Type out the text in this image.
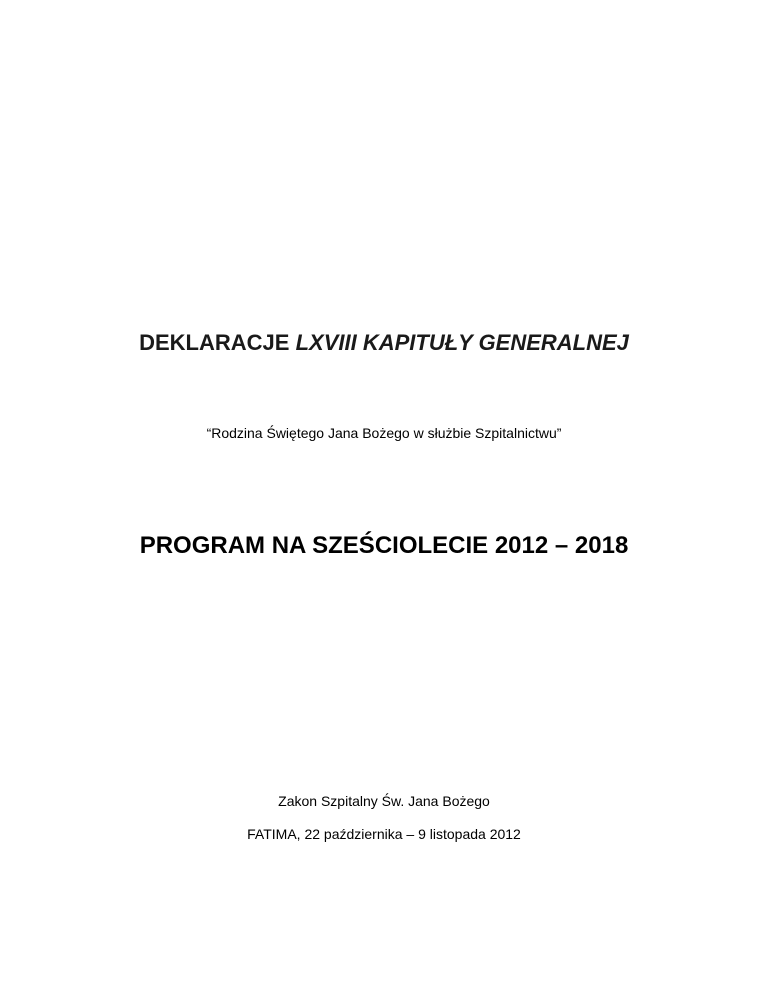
DEKLARACJE LXVIII KAPITUŁY GENERALNEJ
“Rodzina Świętego Jana Bożego w służbie Szpitalnictwu”
PROGRAM NA SZEŚCIOLECIE 2012 – 2018
Zakon Szpitalny Św. Jana Bożego
FATIMA, 22 października – 9 listopada 2012
